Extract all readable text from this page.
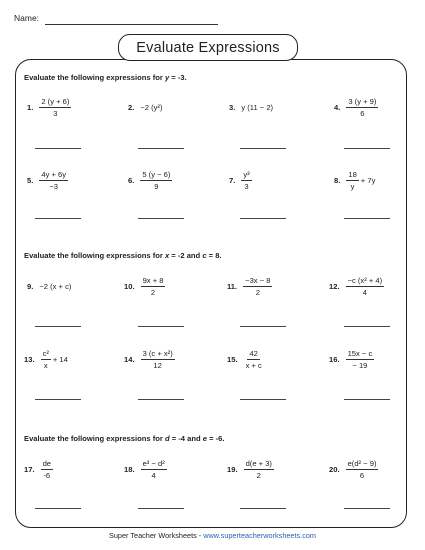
Name:
Evaluate Expressions
Evaluate the following expressions for y = -3.
Evaluate the following expressions for x = -2 and c = 8.
Evaluate the following expressions for d = -4 and e = -6.
1. $\frac{2 (y + 6)}{3}$	2. −2 (y²)	3. y (11 − 2)	4. $\frac{3 (y + 9)}{6}$
5. $\frac{4y + 6y}{-3}$	6. $\frac{5 (y - 6)}{9}$	7. $\frac{\text{y³}}{3}$	8. $\frac{18}{y} + 7y$
9. −2 (x + c)	10. $\frac{9x + 8}{2}$	11. $\frac{-3x - 8}{2}$	12. $\frac{\text{−c (x² + 4)}}{4}$
13. $\frac{\text{c²}}{x} + 14$	14. $\frac{\text{3 (c + x²)}}{12}$	15. $\frac{42}{x + c}$	16. $\frac{15x - c}{- 19}$
17. $\frac{de}{-6}$	18. $\frac{\text{e³ − d²}}{4}$	19. $\frac{d(e + 3)}{2}$	20. $\frac{\text{e(d² − 9)}}{6}$
Super Teacher Worksheets - www.superteacherworksheets.com
